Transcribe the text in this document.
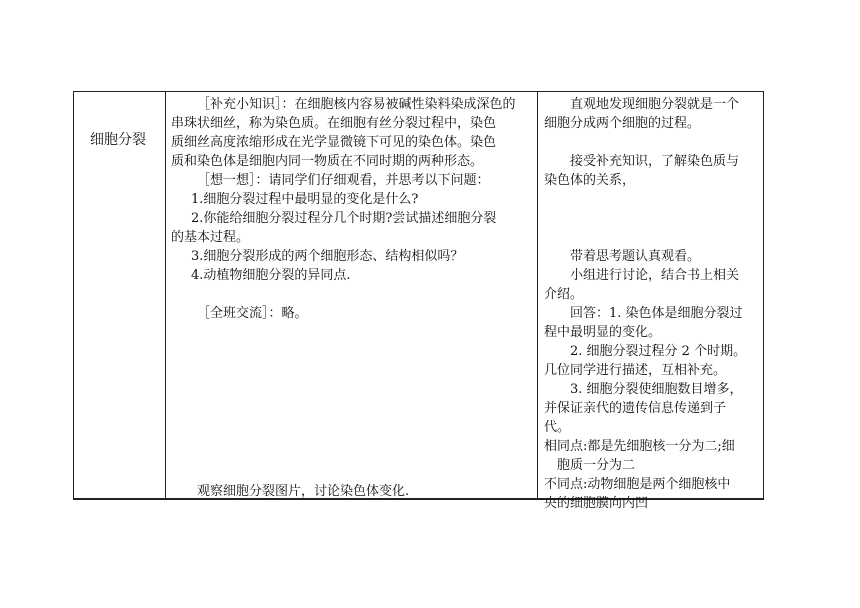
细胞分裂

［补充小知识］：在细胞核内容易被碱性染料染成深色的

串珠状细丝，称为染色质。在细胞有丝分裂过程中，染色

质细丝高度浓缩形成在光学显微镜下可见的染色体。染色

质和染色体是细胞内同一物质在不同时期的两种形态。

［想一想］：请同学们仔细观看，并思考以下问题：

1.细胞分裂过程中最明显的变化是什么?

2.你能给细胞分裂过程分几个时期?尝试描述细胞分裂

的基本过程。

3.细胞分裂形成的两个细胞形态、结构相似吗？

4.动植物细胞分裂的异同点.

［全班交流］：略。

观察细胞分裂图片，讨论染色体变化.

直观地发现细胞分裂就是一个

细胞分成两个细胞的过程。

接受补充知识，了解染色质与

染色体的关系，

带着思考题认真观看。

小组进行讨论，结合书上相关

介绍。

回答：1. 染色体是细胞分裂过

程中最明显的变化。

2. 细胞分裂过程分 2 个时期。

几位同学进行描述，互相补充。

3. 细胞分裂使细胞数目增多，

并保证亲代的遗传信息传递到子

代。

相同点:都是先细胞核一分为二;细

胞质一分为二

不同点:动物细胞是两个细胞核中

央的细胞膜向内凹
